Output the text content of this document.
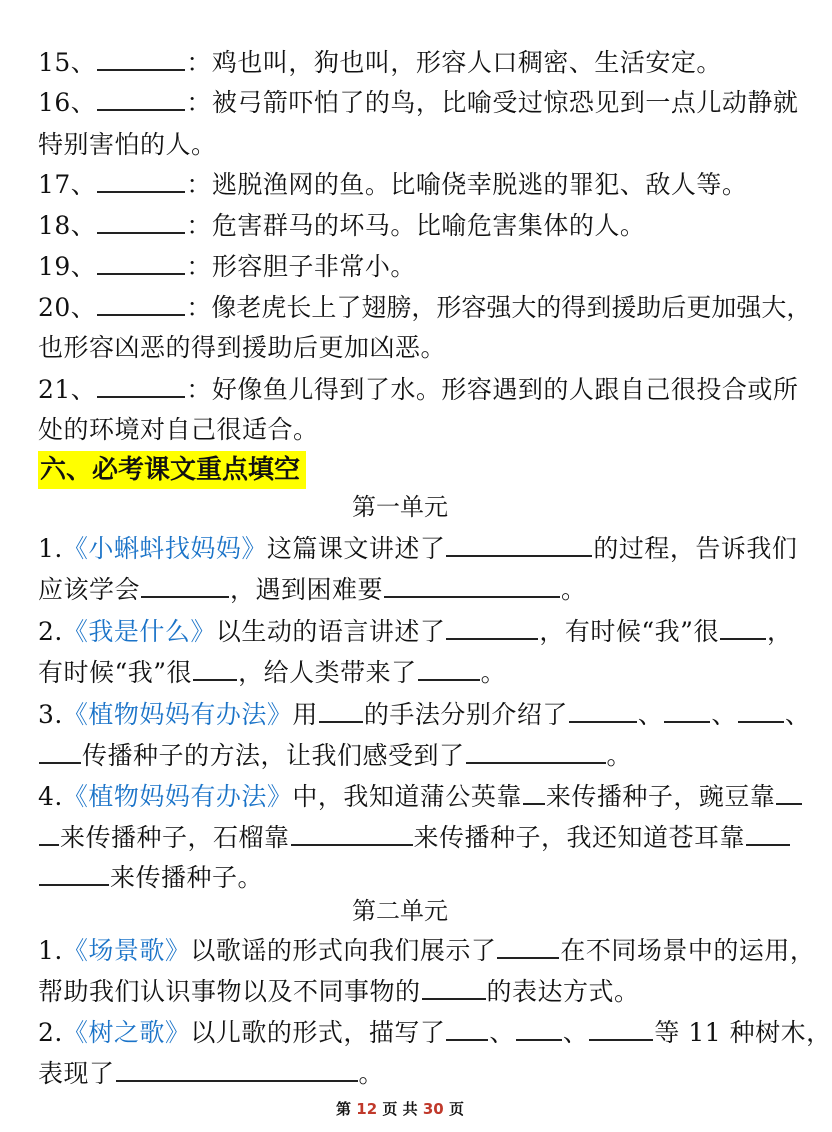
15、	：鸡也叫，狗也叫，形容人口稠密、生活安定。
16、	：被弓箭吓怕了的鸟，比喻受过惊恐见到一点儿动静就
特别害怕的人。
17、	：逃脱渔网的鱼。比喻侥幸脱逃的罪犯、敌人等。
18、	：危害群马的坏马。比喻危害集体的人。
19、	：形容胆子非常小。
20、	：像老虎长上了翅膀，形容强大的得到援助后更加强大，
也形容凶恶的得到援助后更加凶恶。
21、	：好像鱼儿得到了水。形容遇到的人跟自己很投合或所
处的环境对自己很适合。
六、必考课文重点填空
第一单元
1.《小蝌蚪找妈妈》这篇课文讲述了	的过程，告诉我们
应该学会	，遇到困难要	。
2.《我是什么》以生动的语言讲述了	，有时候“我”很 ，
有时候“我”很 ，给人类带来了	。
3.《植物妈妈有办法》用 的手法分别介绍了	、 、 、
传播种子的方法，让我们感受到了	。
4.《植物妈妈有办法》中，我知道蒲公英靠 来传播种子，豌豆靠
来传播种子，石榴靠	来传播种子，我还知道苍耳靠
来传播种子。
第二单元
1.《场景歌》以歌谣的形式向我们展示了	在不同场景中的运用，
帮助我们认识事物以及不同事物的	的表达方式。
2.《树之歌》以儿歌的形式，描写了 、 、	等 11 种树木，
表现了	。
第 12 页 共 30 页
